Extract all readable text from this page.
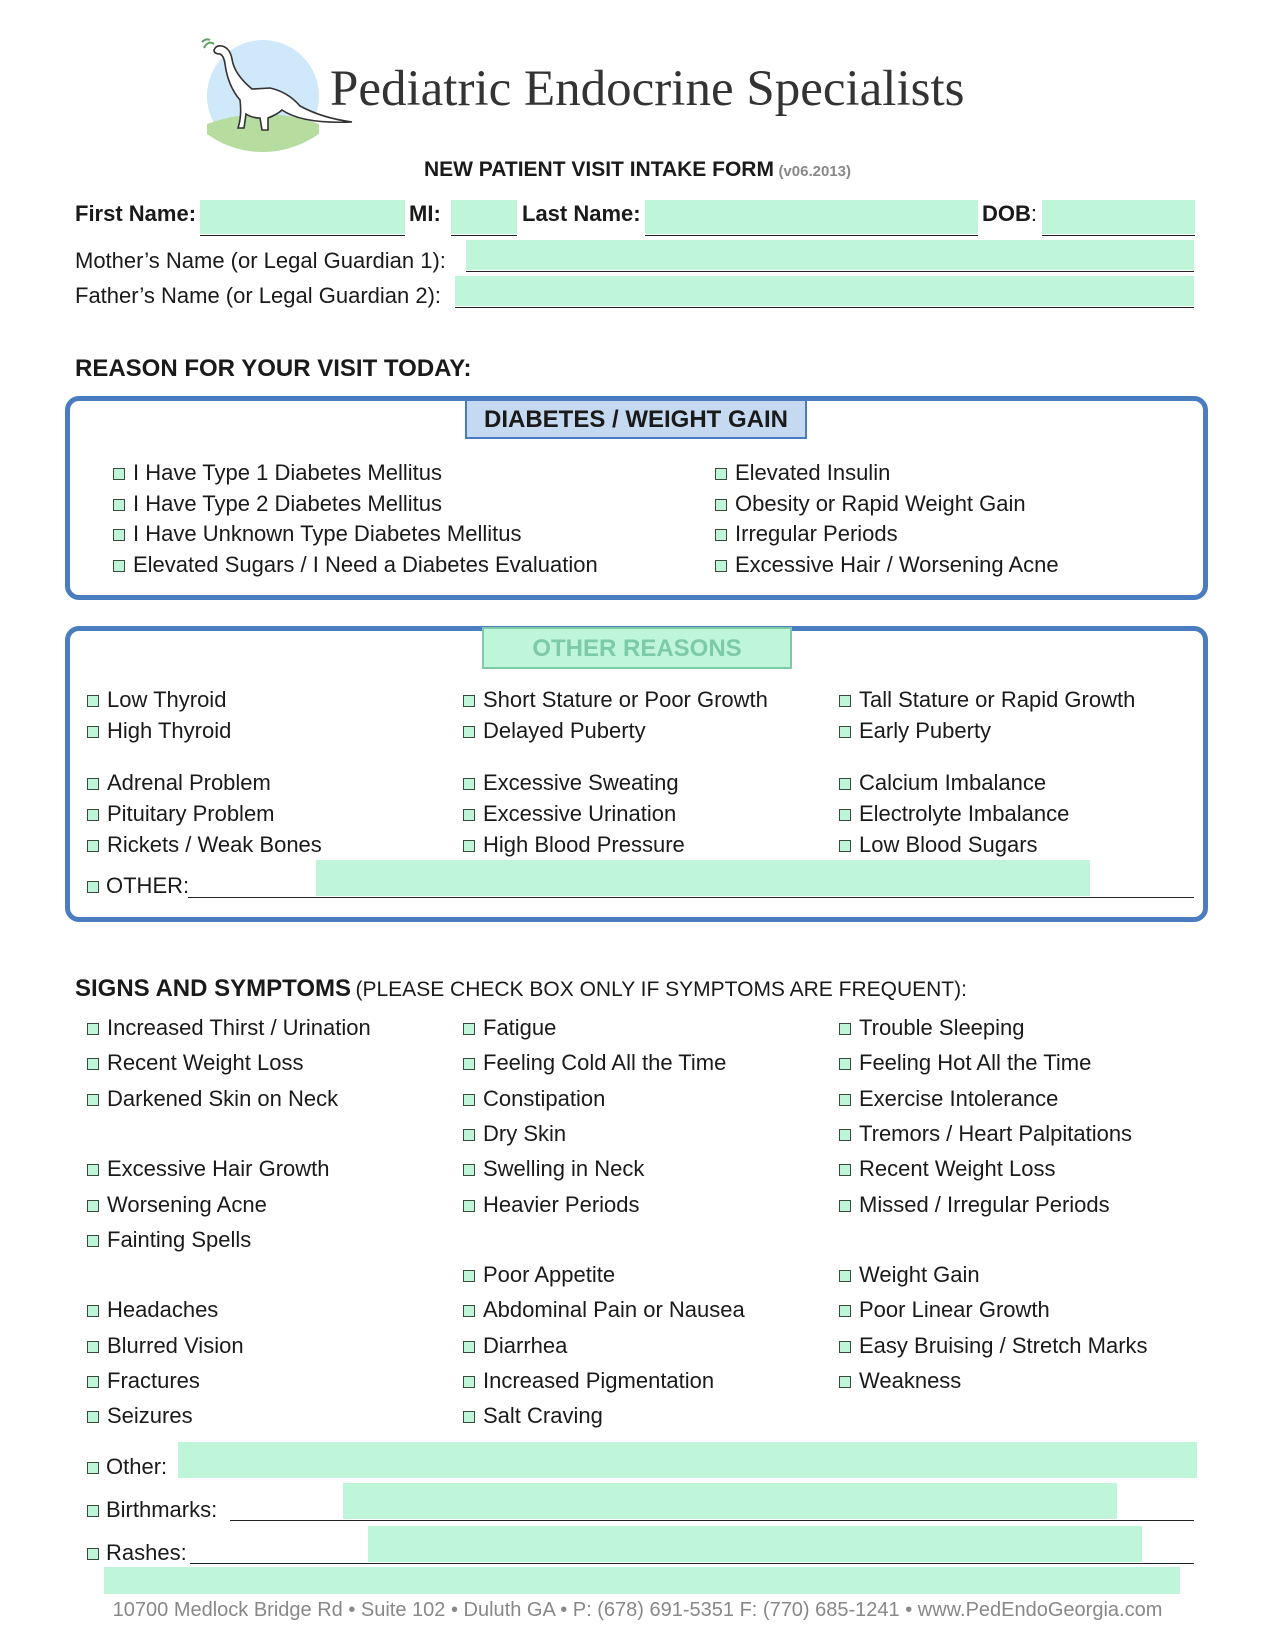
Pediatric Endocrine Specialists
NEW PATIENT VISIT INTAKE FORM (v06.2013)
First Name:	MI:	Last Name:	DOB:
Mother’s Name (or Legal Guardian 1):
Father’s Name (or Legal Guardian 2):
REASON FOR YOUR VISIT TODAY:
DIABETES / WEIGHT GAIN
I Have Type 1 Diabetes Mellitus
I Have Type 2 Diabetes Mellitus
I Have Unknown Type Diabetes Mellitus
Elevated Sugars / I Need a Diabetes Evaluation
Elevated Insulin
Obesity or Rapid Weight Gain
Irregular Periods
Excessive Hair / Worsening Acne
OTHER REASONS
Low Thyroid
High Thyroid
Adrenal Problem
Pituitary Problem
Rickets / Weak Bones
Short Stature or Poor Growth
Delayed Puberty
Excessive Sweating
Excessive Urination
High Blood Pressure
Tall Stature or Rapid Growth
Early Puberty
Calcium Imbalance
Electrolyte Imbalance
Low Blood Sugars
OTHER:
SIGNS AND SYMPTOMS (PLEASE CHECK BOX ONLY IF SYMPTOMS ARE FREQUENT):
Increased Thirst / Urination
Recent Weight Loss
Darkened Skin on Neck
Excessive Hair Growth
Worsening Acne
Fainting Spells
Headaches
Blurred Vision
Fractures
Seizures
Fatigue
Feeling Cold All the Time
Constipation
Dry Skin
Swelling in Neck
Heavier Periods
Poor Appetite
Abdominal Pain or Nausea
Diarrhea
Increased Pigmentation
Salt Craving
Trouble Sleeping
Feeling Hot All the Time
Exercise Intolerance
Tremors / Heart Palpitations
Recent Weight Loss
Missed / Irregular Periods
Weight Gain
Poor Linear Growth
Easy Bruising / Stretch Marks
Weakness
Other:
Birthmarks:
Rashes:
10700 Medlock Bridge Rd • Suite 102 • Duluth GA • P: (678) 691-5351 F: (770) 685-1241 • www.PedEndoGeorgia.com
